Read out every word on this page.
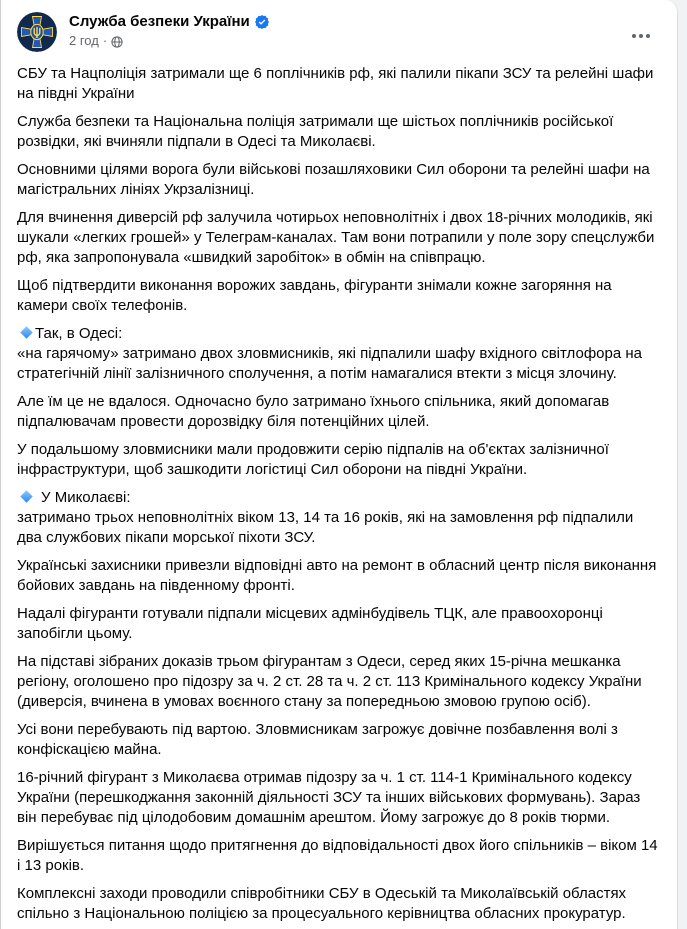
Служба безпеки України
2 год ·

СБУ та Нацполіція затримали ще 6 поплічників рф, які палили пікапи ЗСУ та релейні шафи на півдні України

Служба безпеки та Національна поліція затримали ще шістьох поплічників російської розвідки, які вчиняли підпали в Одесі та Миколаєві.

Основними цілями ворога були військові позашляховики Сил оборони та релейні шафи на магістральних лініях Укрзалізниці.

Для вчинення диверсій рф залучила чотирьох неповнолітніх і двох 18-річних молодиків, які шукали «легких грошей» у Телеграм-каналах. Там вони потрапили у поле зору спецслужби рф, яка запропонувала «швидкий заробіток» в обмін на співпрацю.

Щоб підтвердити виконання ворожих завдань, фігуранти знімали кожне загоряння на камери своїх телефонів.

Так, в Одесі:
«на гарячому» затримано двох зловмисників, які підпалили шафу вхідного світлофора на стратегічній лінії залізничного сполучення, а потім намагалися втекти з місця злочину.

Але їм це не вдалося. Одночасно було затримано їхнього спільника, який допомагав підпалювачам провести дорозвідку біля потенційних цілей.

У подальшому зловмисники мали продовжити серію підпалів на об'єктах залізничної інфраструктури, щоб зашкодити логістиці Сил оборони на півдні України.

У Миколаєві:
затримано трьох неповнолітніх віком 13, 14 та 16 років, які на замовлення рф підпалили два службових пікапи морської піхоти ЗСУ.

Українські захисники привезли відповідні авто на ремонт в обласний центр після виконання бойових завдань на південному фронті.

Надалі фігуранти готували підпали місцевих адмінбудівель ТЦК, але правоохоронці запобігли цьому.

На підставі зібраних доказів трьом фігурантам з Одеси, серед яких 15-річна мешканка регіону, оголошено про підозру за ч. 2 ст. 28 та ч. 2 ст. 113 Кримінального кодексу України (диверсія, вчинена в умовах воєнного стану за попередньою змовою групою осіб).

Усі вони перебувають під вартою. Зловмисникам загрожує довічне позбавлення волі з конфіскацією майна.

16-річний фігурант з Миколаєва отримав підозру за ч. 1 ст. 114-1 Кримінального кодексу України (перешкоджання законній діяльності ЗСУ та інших військових формувань). Зараз він перебуває під цілодобовим домашнім арештом. Йому загрожує до 8 років тюрми.

Вирішується питання щодо притягнення до відповідальності двох його спільників – віком 14 і 13 років.

Комплексні заходи проводили співробітники СБУ в Одеській та Миколаївській областях спільно з Національною поліцією за процесуального керівництва обласних прокуратур.
